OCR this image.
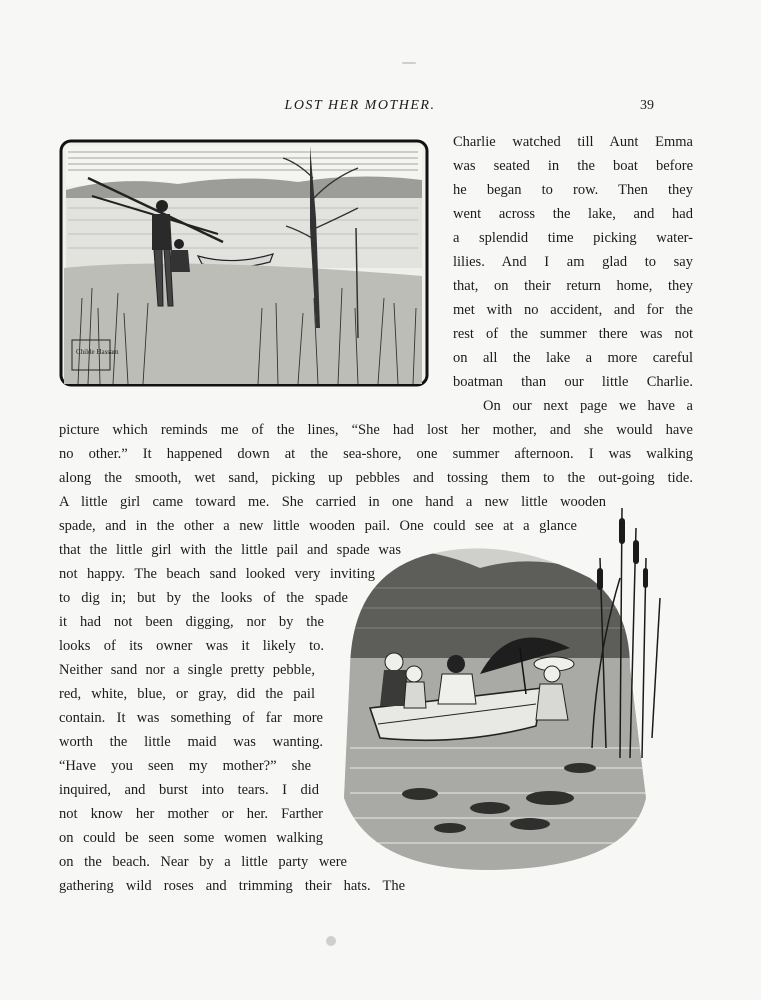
LOST HER MOTHER.	39
Childe Hassam
Charlie watched till Aunt Emma
was seated in the boat before
he began to row. Then they
went across the lake, and had
a splendid time picking water-
lilies. And I am glad to say
that, on their return home, they
met with no accident, and for the
rest of the summer there was not
on all the lake a more careful
boatman than our little Charlie.
On our next page we have a
picture which reminds me of the lines, “She had lost her mother, and she would have
no other.” It happened down at the sea-shore, one summer afternoon. I was walking
along the smooth, wet sand, picking up pebbles and tossing them to the out-going tide.
A little girl came toward me. She carried in one hand a new little wooden
spade, and in the other a new little wooden pail. One could see at a glance
that the little girl with the little pail and spade was
not happy. The beach sand looked very inviting
to dig in; but by the looks of the spade
it had not been digging, nor by the
looks of its owner was it likely to.
Neither sand nor a single pretty pebble,
red, white, blue, or gray, did the pail
contain. It was something of far more
worth the little maid was wanting.
“Have you seen my mother?” she
inquired, and burst into tears. I did
not know her mother or her. Farther
on could be seen some women walking
on the beach. Near by a little party were
gathering wild roses and trimming their hats. The
